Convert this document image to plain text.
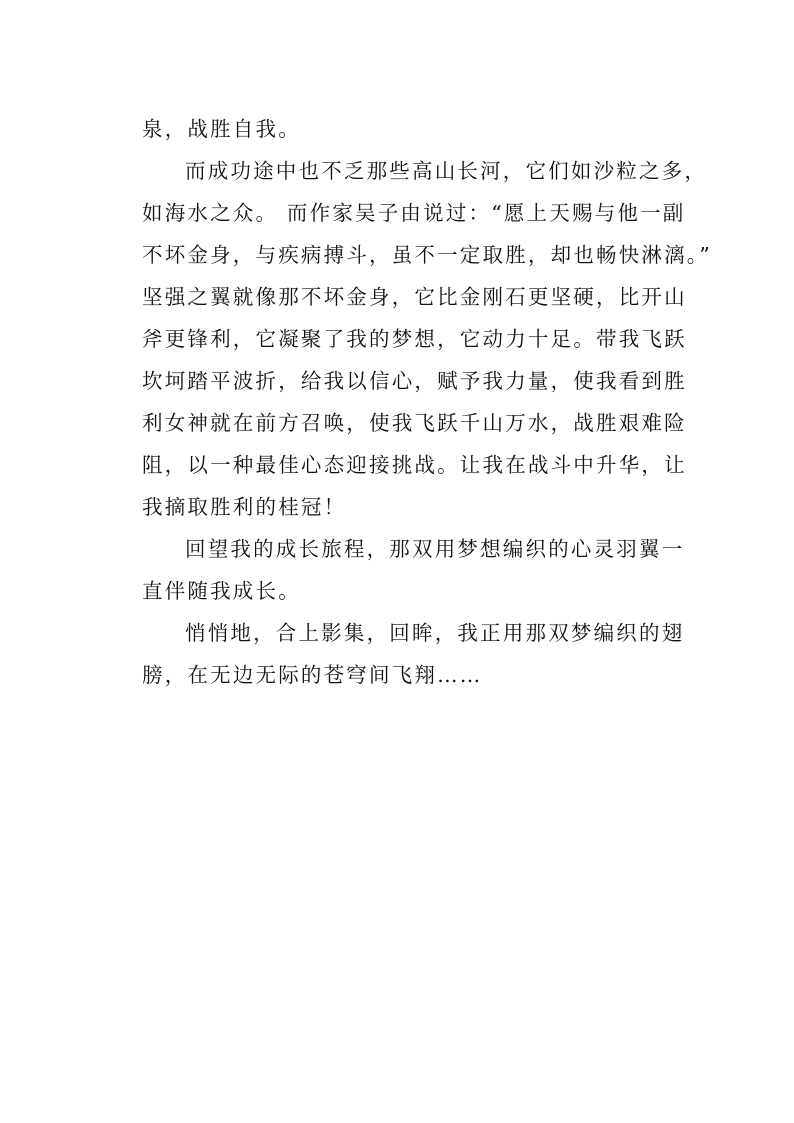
泉，战胜自我。
而成功途中也不乏那些高山长河，它们如沙粒之多，
如海水之众。 而作家吴子由说过：“愿上天赐与他一副
不坏金身，与疾病搏斗，虽不一定取胜，却也畅快淋漓。”
坚强之翼就像那不坏金身，它比金刚石更坚硬，比开山
斧更锋利，它凝聚了我的梦想，它动力十足。带我飞跃
坎坷踏平波折，给我以信心，赋予我力量，使我看到胜
利女神就在前方召唤，使我飞跃千山万水，战胜艰难险
阻，以一种最佳心态迎接挑战。让我在战斗中升华，让
我摘取胜利的桂冠！
回望我的成长旅程，那双用梦想编织的心灵羽翼一
直伴随我成长。
悄悄地，合上影集，回眸，我正用那双梦编织的翅
膀，在无边无际的苍穹间飞翔……
